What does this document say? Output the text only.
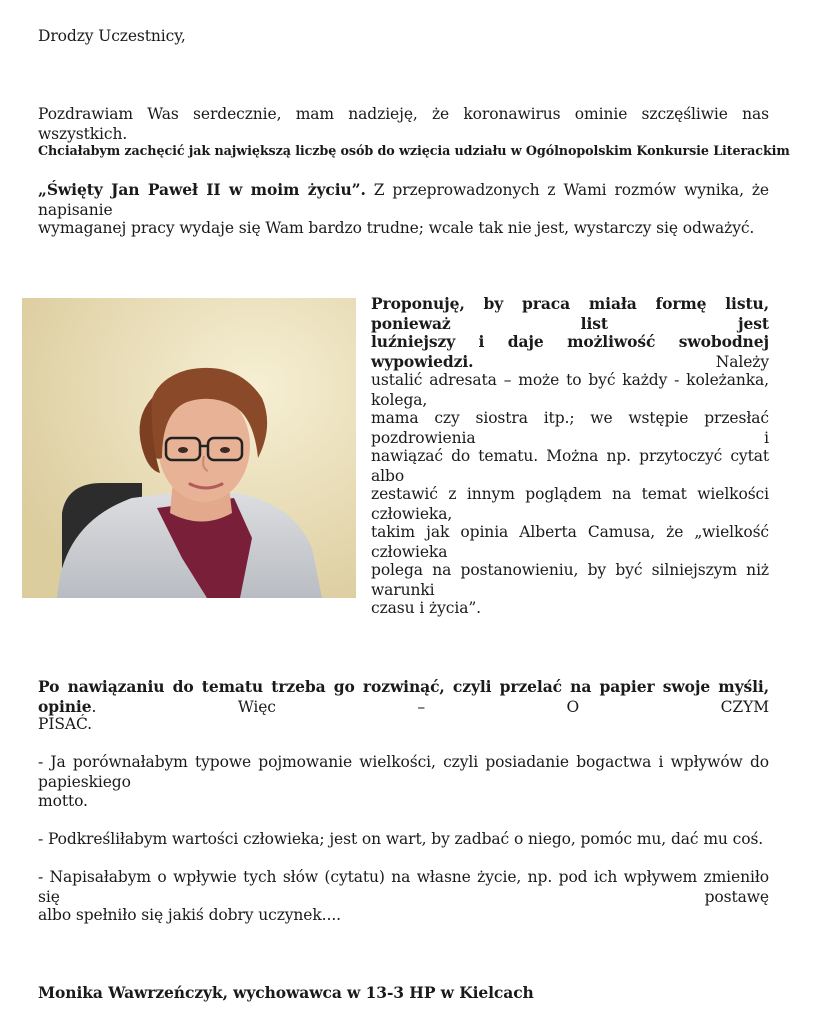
Drodzy Uczestnicy,
Pozdrawiam Was serdecznie, mam nadzieję, że koronawirus ominie szczęśliwie nas wszystkich.
Chciałabym zachęcić jak największą liczbę osób do wzięcia udziału w Ogólnopolskim Konkursie Literackim
„Święty Jan Paweł II w moim życiu”. Z przeprowadzonych z Wami rozmów wynika, że napisanie
wymaganej pracy wydaje się Wam bardzo trudne; wcale tak nie jest, wystarczy się odważyć.
Proponuję, by praca miała formę listu, ponieważ list jest
luźniejszy i daje możliwość swobodnej wypowiedzi. Należy
ustalić adresata – może to być każdy - koleżanka, kolega,
mama czy siostra itp.; we wstępie przesłać pozdrowienia i
nawiązać do tematu. Można np. przytoczyć cytat albo
zestawić z innym poglądem na temat wielkości człowieka,
takim jak opinia Alberta Camusa, że „wielkość człowieka
polega na postanowieniu, by być silniejszym niż warunki
czasu i życia”.
Po nawiązaniu do tematu trzeba go rozwinąć, czyli przelać na papier swoje myśli, opinie. Więc – O CZYM
PISAĆ.
- Ja porównałabym typowe pojmowanie wielkości, czyli posiadanie bogactwa i wpływów do papieskiego
motto.
- Podkreśliłabym wartości człowieka; jest on wart, by zadbać o niego, pomóc mu, dać mu coś.
- Napisałabym o wpływie tych słów (cytatu) na własne życie, np. pod ich wpływem zmieniło się postawę
albo spełniło się jakiś dobry uczynek....
Monika Wawrzeńczyk, wychowawca w 13-3 HP w Kielcach
